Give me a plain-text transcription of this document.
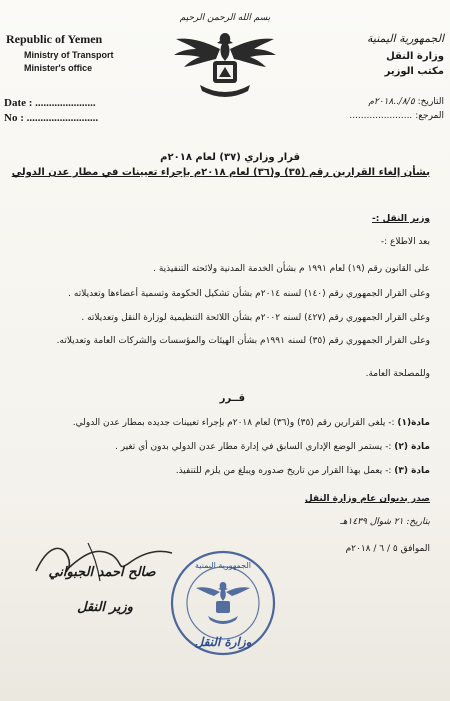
Republic of Yemen
Ministry of Transport
Minister's office
Date : ......................
No : ..........................
بسم الله الرحمن الرحيم
الجمهورية اليمنية
وزارة النقل
مكتب الوزير
التاريخ: ٨/٥/..٢٠١٨م
المرجع: ......................
قرار وزاري (٣٧) لعام ٢٠١٨م
بشأن إلغاء القرارين رقم (٣٥) و(٣٦) لعام ٢٠١٨م بإجراء تعيينات في مطار عدن الدولي
وزير النقل :-
بعد الاطلاع :-
على القانون رقم (١٩) لعام ١٩٩١ م بشأن الخدمة المدنية ولائحته التنفيذية .
وعلى القرار الجمهوري رقم (١٤٠) لسنه ٢٠١٤م بشأن تشكيل الحكومة وتسمية أعضاءها وتعديلاته .
وعلى القرار الجمهوري رقم (٤٢٧) لسنه ٢٠٠٢م بشأن اللائحة التنظيمية لوزارة النقل وتعديلاته .
وعلى القرار الجمهوري رقم (٣٥) لسنه ١٩٩١م بشأن الهيئات والمؤسسات والشركات العامة وتعديلاته.
وللمصلحة العامة.
قــرر
مادة(١) :- يلغى القرارين رقم (٣٥) و(٣٦) لعام ٢٠١٨م بإجراء تعيينات جديده بمطار عدن الدولي.
مادة (٢) :- يستمر الوضع الإداري السابق في إدارة مطار عدن الدولي بدون أي تغير .
مادة (٣) :- يعمل بهذا القرار من تاريخ صدوره ويبلغ من يلزم للتنفيذ.
صدر بديوان عام وزارة النقل
بتاريخ: ٢١ شوال ١٤٣٩هـ
الموافق ٥ / ٦ / ٢٠١٨م
صالح احمد الجبواني
وزير النقل
الجمهورية اليمنية
وزارة النقل
